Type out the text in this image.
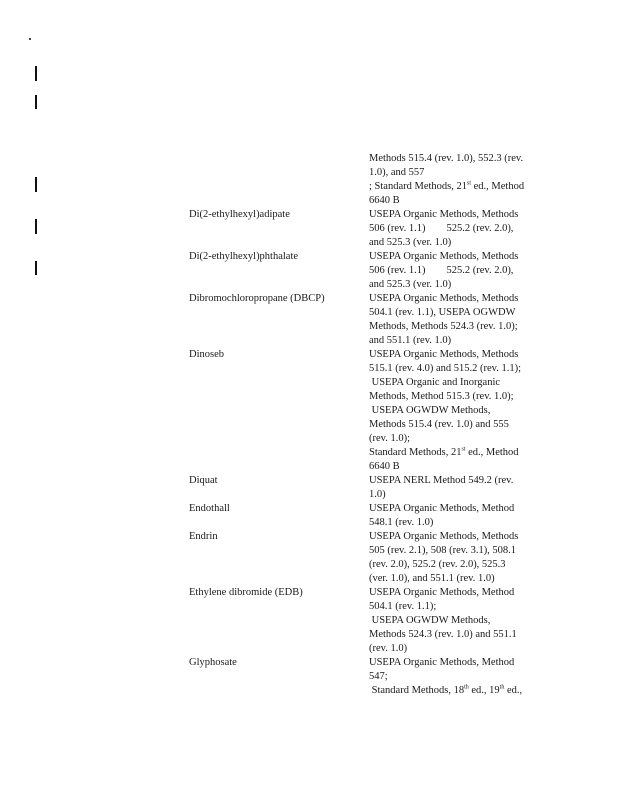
Methods 515.4 (rev. 1.0), 552.3 (rev.
1.0), and 557
; Standard Methods, 21st ed., Method
6640 B
Di(2-ethylhexyl)adipate	USEPA Organic Methods, Methods
506 (rev. 1.1)        525.2 (rev. 2.0),
and 525.3 (ver. 1.0)
Di(2-ethylhexyl)phthalate	USEPA Organic Methods, Methods
506 (rev. 1.1)        525.2 (rev. 2.0),
and 525.3 (ver. 1.0)
Dibromochloropropane (DBCP)	USEPA Organic Methods, Methods
504.1 (rev. 1.1), USEPA OGWDW
Methods, Methods 524.3 (rev. 1.0);
and 551.1 (rev. 1.0)
Dinoseb	USEPA Organic Methods, Methods
515.1 (rev. 4.0) and 515.2 (rev. 1.1);
USEPA Organic and Inorganic
Methods, Method 515.3 (rev. 1.0);
USEPA OGWDW Methods,
Methods 515.4 (rev. 1.0) and 555
(rev. 1.0);
Standard Methods, 21st ed., Method
6640 B
Diquat	USEPA NERL Method 549.2 (rev.
1.0)
Endothall	USEPA Organic Methods, Method
548.1 (rev. 1.0)
Endrin	USEPA Organic Methods, Methods
505 (rev. 2.1), 508 (rev. 3.1), 508.1
(rev. 2.0), 525.2 (rev. 2.0), 525.3
(ver. 1.0), and 551.1 (rev. 1.0)
Ethylene dibromide (EDB)	USEPA Organic Methods, Method
504.1 (rev. 1.1);
USEPA OGWDW Methods,
Methods 524.3 (rev. 1.0) and 551.1
(rev. 1.0)
Glyphosate	USEPA Organic Methods, Method
547;
Standard Methods, 18th ed., 19th ed.,
